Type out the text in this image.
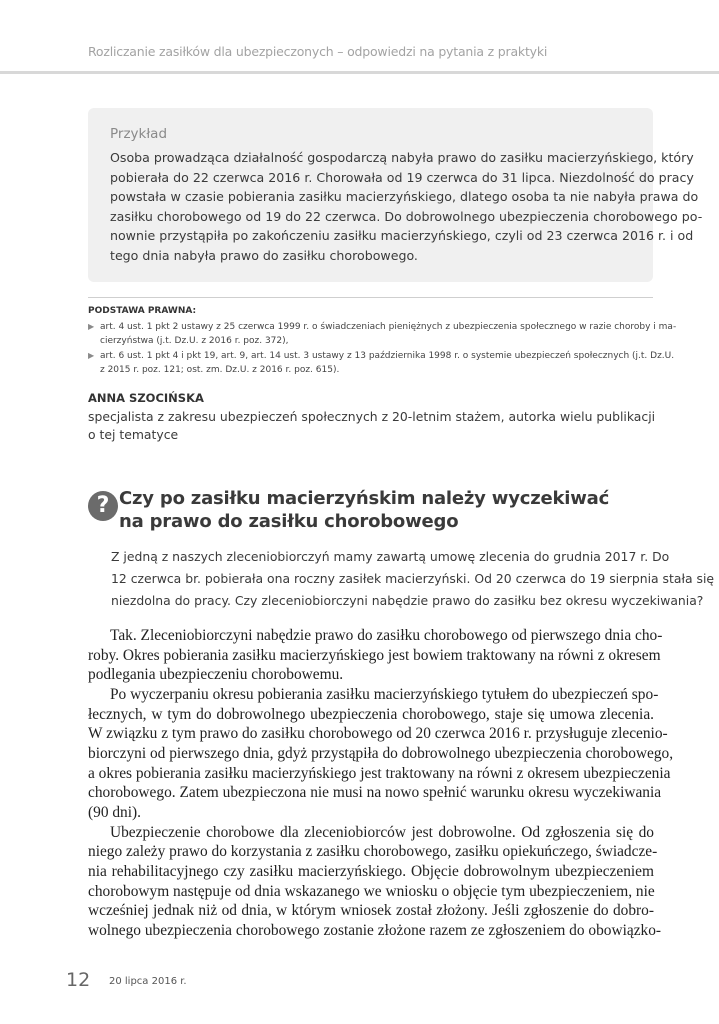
Rozliczanie zasiłków dla ubezpieczonych – odpowiedzi na pytania z praktyki
Przykład

Osoba prowadząca działalność gospodarczą nabyła prawo do zasiłku macierzyńskiego, który
pobierała do 22 czerwca 2016 r. Chorowała od 19 czerwca do 31 lipca. Niezdolność do pracy
powstała w czasie pobierania zasiłku macierzyńskiego, dlatego osoba ta nie nabyła prawa do
zasiłku chorobowego od 19 do 22 czerwca. Do dobrowolnego ubezpieczenia chorobowego po-
nownie przystąpiła po zakończeniu zasiłku macierzyńskiego, czyli od 23 czerwca 2016 r. i od
tego dnia nabyła prawo do zasiłku chorobowego.

PODSTAWA PRAWNA:
▶ art. 4 ust. 1 pkt 2 ustawy z 25 czerwca 1999 r. o świadczeniach pieniężnych z ubezpieczenia społecznego w razie choroby i ma-
cierzyństwa (j.t. Dz.U. z 2016 r. poz. 372),
▶ art. 6 ust. 1 pkt 4 i pkt 19, art. 9, art. 14 ust. 3 ustawy z 13 października 1998 r. o systemie ubezpieczeń społecznych (j.t. Dz.U.
z 2015 r. poz. 121; ost. zm. Dz.U. z 2016 r. poz. 615).
ANNA SZOCIŃSKA
specjalista z zakresu ubezpieczeń społecznych z 20-letnim stażem, autorka wielu publikacji
o tej tematyce
? Czy po zasiłku macierzyńskim należy wyczekiwać
na prawo do zasiłku chorobowego
Z jedną z naszych zleceniobiorczyń mamy zawartą umowę zlecenia do grudnia 2017 r. Do
12 czerwca br. pobierała ona roczny zasiłek macierzyński. Od 20 czerwca do 19 sierpnia stała się
niezdolna do pracy. Czy zleceniobiorczyni nabędzie prawo do zasiłku bez okresu wyczekiwania?
Tak. Zleceniobiorczyni nabędzie prawo do zasiłku chorobowego od pierwszego dnia cho-
roby. Okres pobierania zasiłku macierzyńskiego jest bowiem traktowany na równi z okresem
podlegania ubezpieczeniu chorobowemu.
Po wyczerpaniu okresu pobierania zasiłku macierzyńskiego tytułem do ubezpieczeń spo-
łecznych, w tym do dobrowolnego ubezpieczenia chorobowego, staje się umowa zlecenia.
W związku z tym prawo do zasiłku chorobowego od 20 czerwca 2016 r. przysługuje zlecenio-
biorczyni od pierwszego dnia, gdyż przystąpiła do dobrowolnego ubezpieczenia chorobowego,
a okres pobierania zasiłku macierzyńskiego jest traktowany na równi z okresem ubezpieczenia
chorobowego. Zatem ubezpieczona nie musi na nowo spełnić warunku okresu wyczekiwania
(90 dni).
Ubezpieczenie chorobowe dla zleceniobiorców jest dobrowolne. Od zgłoszenia się do
niego zależy prawo do korzystania z zasiłku chorobowego, zasiłku opiekuńczego, świadcze-
nia rehabilitacyjnego czy zasiłku macierzyńskiego. Objęcie dobrowolnym ubezpieczeniem
chorobowym następuje od dnia wskazanego we wniosku o objęcie tym ubezpieczeniem, nie
wcześniej jednak niż od dnia, w którym wniosek został złożony. Jeśli zgłoszenie do dobro-
wolnego ubezpieczenia chorobowego zostanie złożone razem ze zgłoszeniem do obowiązko-
12 20 lipca 2016 r.
